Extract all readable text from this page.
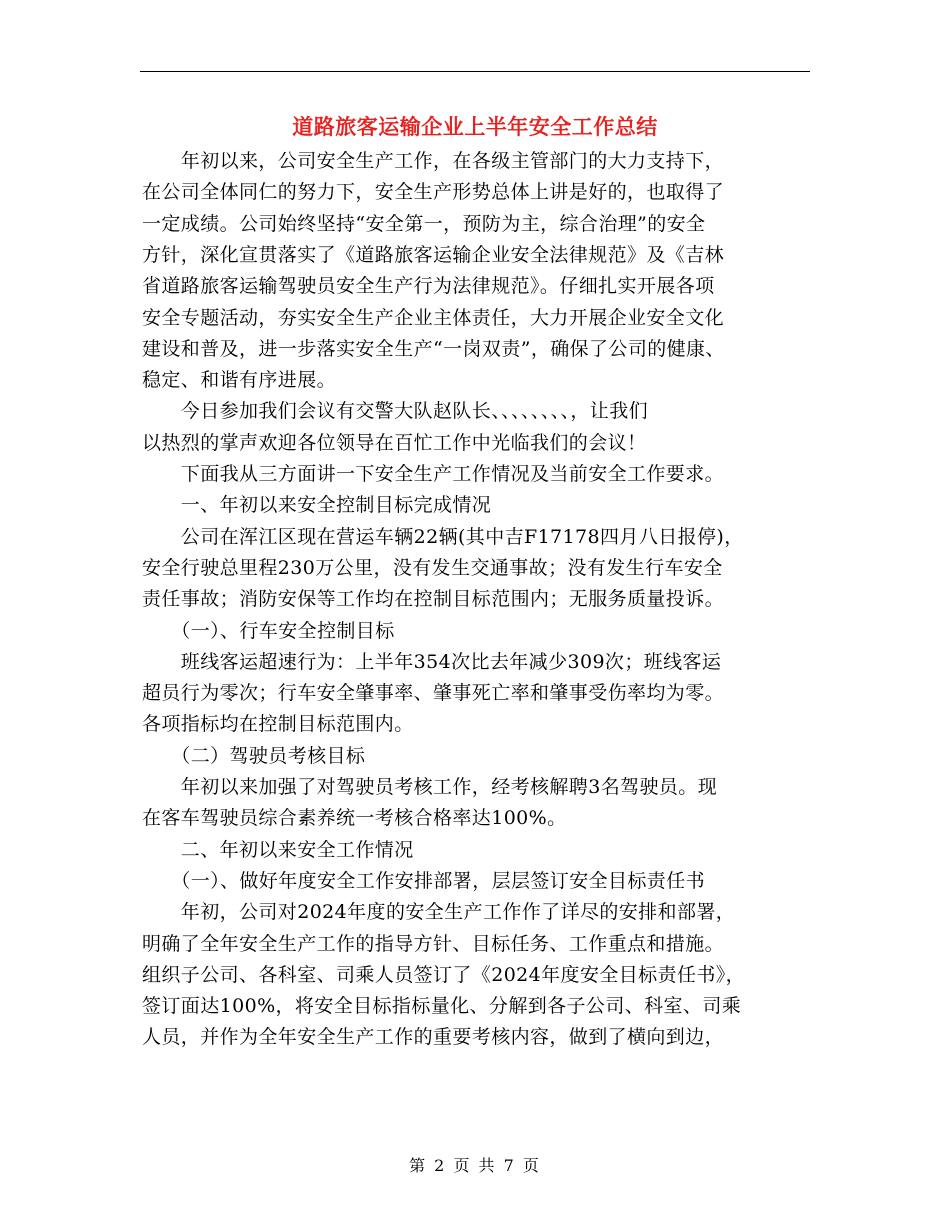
道路旅客运输企业上半年安全工作总结
　　年初以来，公司安全生产工作，在各级主管部门的大力支持下，
在公司全体同仁的努力下，安全生产形势总体上讲是好的，也取得了
一定成绩。公司始终坚持“安全第一，预防为主，综合治理”的安全
方针，深化宣贯落实了《道路旅客运输企业安全法律规范》及《吉林
省道路旅客运输驾驶员安全生产行为法律规范》。仔细扎实开展各项
安全专题活动，夯实安全生产企业主体责任，大力开展企业安全文化
建设和普及，进一步落实安全生产“一岗双责”，确保了公司的健康、
稳定、和谐有序进展。
　　今日参加我们会议有交警大队赵队长、、、、、、、、，让我们
以热烈的掌声欢迎各位领导在百忙工作中光临我们的会议！
　　下面我从三方面讲一下安全生产工作情况及当前安全工作要求。
　　一、年初以来安全控制目标完成情况
　　公司在浑江区现在营运车辆22辆(其中吉F17178四月八日报停)，
安全行驶总里程230万公里，没有发生交通事故；没有发生行车安全
责任事故；消防安保等工作均在控制目标范围内；无服务质量投诉。
　　（一）、行车安全控制目标
　　班线客运超速行为：上半年354次比去年减少309次；班线客运
超员行为零次；行车安全肇事率、肇事死亡率和肇事受伤率均为零。
各项指标均在控制目标范围内。
　　（二）驾驶员考核目标
　　年初以来加强了对驾驶员考核工作，经考核解聘3名驾驶员。现
在客车驾驶员综合素养统一考核合格率达100%。
　　二、年初以来安全工作情况
　　（一）、做好年度安全工作安排部署，层层签订安全目标责任书
　　年初，公司对2024年度的安全生产工作作了详尽的安排和部署，
明确了全年安全生产工作的指导方针、目标任务、工作重点和措施。
组织子公司、各科室、司乘人员签订了《2024年度安全目标责任书》，
签订面达100%，将安全目标指标量化、分解到各子公司、科室、司乘
人员，并作为全年安全生产工作的重要考核内容，做到了横向到边，
第 2 页 共 7 页
